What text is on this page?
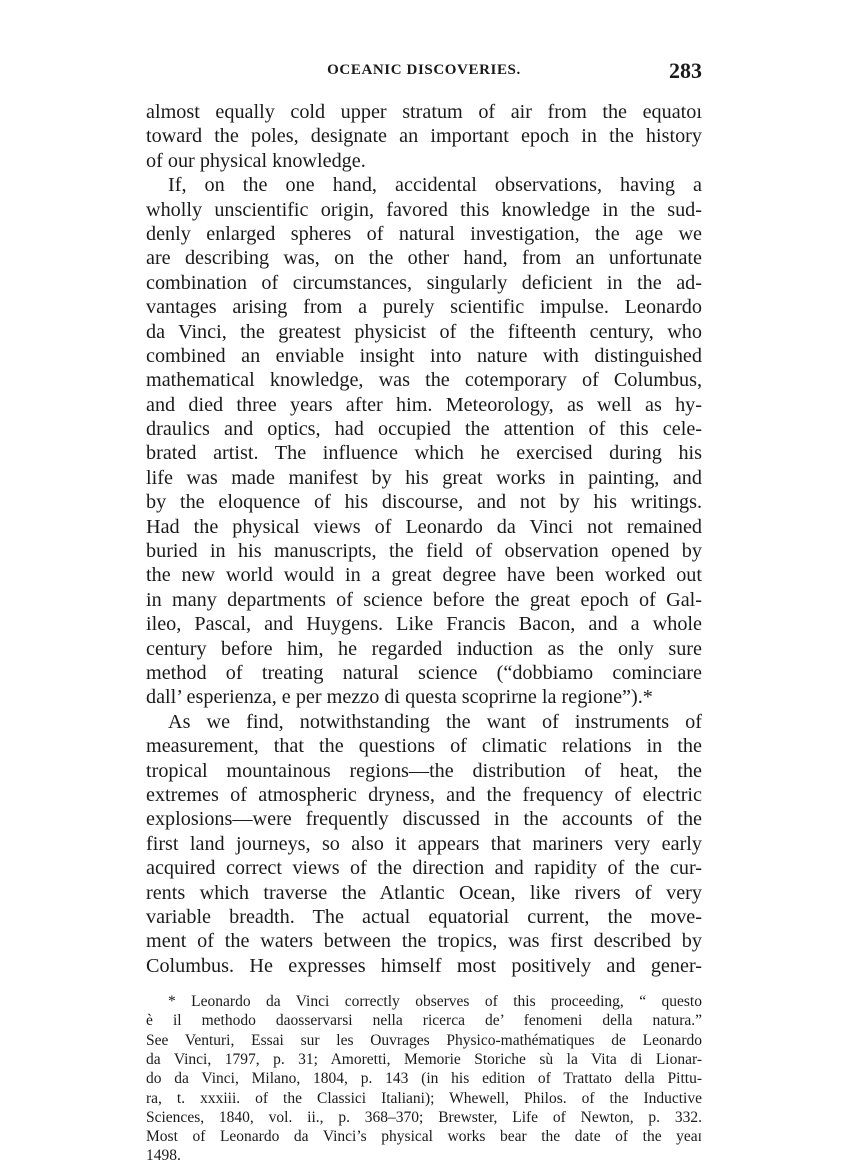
OCEANIC DISCOVERIES.	283
almost equally cold upper stratum of air from the equatoı
toward the poles, designate an important epoch in the history
of our physical knowledge.
If, on the one hand, accidental observations, having a
wholly unscientific origin, favored this knowledge in the sud-
denly enlarged spheres of natural investigation, the age we
are describing was, on the other hand, from an unfortunate
combination of circumstances, singularly deficient in the ad-
vantages arising from a purely scientific impulse. Leonardo
da Vinci, the greatest physicist of the fifteenth century, who
combined an enviable insight into nature with distinguished
mathematical knowledge, was the cotemporary of Columbus,
and died three years after him. Meteorology, as well as hy-
draulics and optics, had occupied the attention of this cele-
brated artist. The influence which he exercised during his
life was made manifest by his great works in painting, and
by the eloquence of his discourse, and not by his writings.
Had the physical views of Leonardo da Vinci not remained
buried in his manuscripts, the field of observation opened by
the new world would in a great degree have been worked out
in many departments of science before the great epoch of Gal-
ileo, Pascal, and Huygens. Like Francis Bacon, and a whole
century before him, he regarded induction as the only sure
method of treating natural science (“dobbiamo cominciare
dall’ esperienza, e per mezzo di questa scoprirne la regione”).*
As we find, notwithstanding the want of instruments of
measurement, that the questions of climatic relations in the
tropical mountainous regions—the distribution of heat, the
extremes of atmospheric dryness, and the frequency of electric
explosions—were frequently discussed in the accounts of the
first land journeys, so also it appears that mariners very early
acquired correct views of the direction and rapidity of the cur-
rents which traverse the Atlantic Ocean, like rivers of very
variable breadth. The actual equatorial current, the move-
ment of the waters between the tropics, was first described by
Columbus. He expresses himself most positively and gener-
* Leonardo da Vinci correctly observes of this proceeding, “ questo
è il methodo daosservarsi nella ricerca de’ fenomeni della natura.”
See Venturi, Essai sur les Ouvrages Physico-mathématiques de Leonardo
da Vinci, 1797, p. 31; Amoretti, Memorie Storiche sù la Vita di Lionar-
do da Vinci, Milano, 1804, p. 143 (in his edition of Trattato della Pittu-
ra, t. xxxiii. of the Classici Italiani); Whewell, Philos. of the Inductive
Sciences, 1840, vol. ii., p. 368–370; Brewster, Life of Newton, p. 332.
Most of Leonardo da Vinci’s physical works bear the date of the yeaɪ
1498.
